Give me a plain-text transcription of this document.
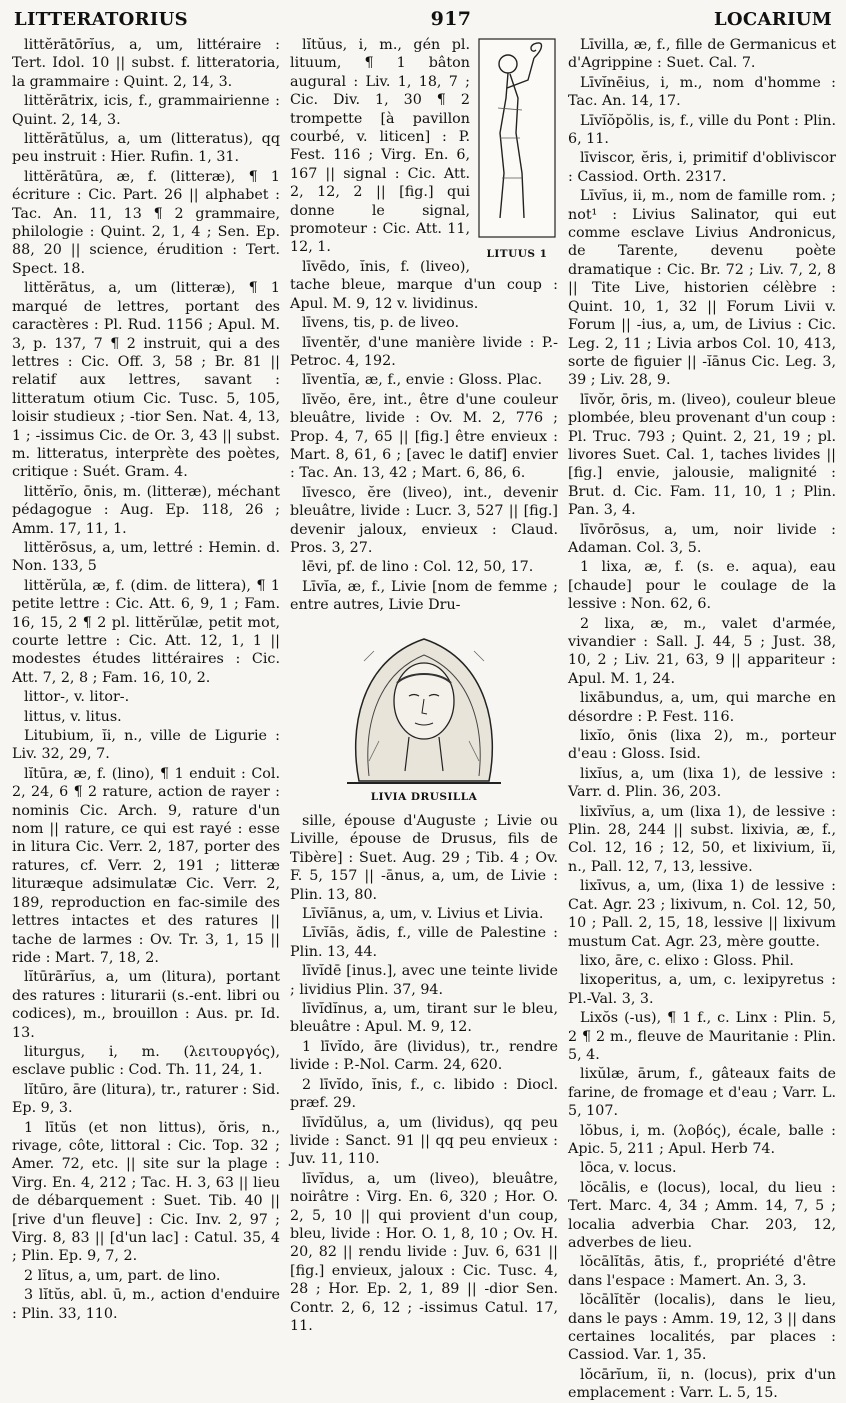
LITTERATORIUS	917	LOCARIUM

littĕrātōrĭus, a, um, littéraire : Tert. Idol. 10 || subst. f. litteratoria, la grammaire : Quint. 2, 14, 3.

littĕrātrix, icis, f., grammairienne : Quint. 2, 14, 3.

littĕrātŭlus, a, um (litteratus), qq peu instruit : Hier. Rufin. 1, 31.

littĕrātūra, æ, f. (litteræ), ¶ 1 écriture : Cic. Part. 26 || alphabet : Tac. An. 11, 13 ¶ 2 grammaire, philologie : Quint. 2, 1, 4 ; Sen. Ep. 88, 20 || science, érudition : Tert. Spect. 18.

littĕrātus, a, um (litteræ), ¶ 1 marqué de lettres, portant des caractères : Pl. Rud. 1156 ; Apul. M. 3, p. 137, 7 ¶ 2 instruit, qui a des lettres : Cic. Off. 3, 58 ; Br. 81 || relatif aux lettres, savant : litteratum otium Cic. Tusc. 5, 105, loisir studieux ; -tior Sen. Nat. 4, 13, 1 ; -issimus Cic. de Or. 3, 43 || subst. m. litteratus, interprète des poètes, critique : Suét. Gram. 4.

littĕrĭo, ōnis, m. (litteræ), méchant pédagogue : Aug. Ep. 118, 26 ; Amm. 17, 11, 1.

littĕrōsus, a, um, lettré : Hemin. d. Non. 133, 5

littĕrŭla, æ, f. (dim. de littera), ¶ 1 petite lettre : Cic. Att. 6, 9, 1 ; Fam. 16, 15, 2 ¶ 2 pl. littĕrŭlæ, petit mot, courte lettre : Cic. Att. 12, 1, 1 || modestes études littéraires : Cic. Att. 7, 2, 8 ; Fam. 16, 10, 2.

littor-, v. litor-.

littus, v. litus.

Litubium, ĭi, n., ville de Ligurie : Liv. 32, 29, 7.

lĭtūra, æ, f. (lino), ¶ 1 enduit : Col. 2, 24, 6 ¶ 2 rature, action de rayer : nominis Cic. Arch. 9, rature d'un nom || rature, ce qui est rayé : esse in litura Cic. Verr. 2, 187, porter des ratures, cf. Verr. 2, 191 ; litteræ lituræque adsimulatæ Cic. Verr. 2, 189, reproduction en fac-simile des lettres intactes et des ratures || tache de larmes : Ov. Tr. 3, 1, 15 || ride : Mart. 7, 18, 2.

lĭtūrārĭus, a, um (litura), portant des ratures : liturarii (s.-ent. libri ou codices), m., brouillon : Aus. pr. Id. 13.

liturgus, i, m. (λειτουργός), esclave public : Cod. Th. 11, 24, 1.

lĭtūro, āre (litura), tr., raturer : Sid. Ep. 9, 3.

1 lītŭs (et non littus), ŏris, n., rivage, côte, littoral : Cic. Top. 32 ; Amer. 72, etc. || site sur la plage : Virg. En. 4, 212 ; Tac. H. 3, 63 || lieu de débarquement : Suet. Tib. 40 || [rive d'un fleuve] : Cic. Inv. 2, 97 ; Virg. 8, 83 || [d'un lac] : Catul. 35, 4 ; Plin. Ep. 9, 7, 2.

2 lĭtus, a, um, part. de lino.

3 lĭtŭs, abl. ū, m., action d'enduire : Plin. 33, 110.

LITUUS 1

lĭtŭus, i, m., gén pl. lituum, ¶ 1 bâton augural : Liv. 1, 18, 7 ; Cic. Div. 1, 30 ¶ 2 trompette [à pavillon courbé, v. liticen] : P. Fest. 116 ; Virg. En. 6, 167 || signal : Cic. Att. 2, 12, 2 || [fig.] qui donne le signal, promoteur : Cic. Att. 11, 12, 1.

līvēdo, ĭnis, f. (liveo), tache bleue, marque d'un coup : Apul. M. 9, 12 v. lividinus.

līvens, tis, p. de liveo.

līventĕr, d'une manière livide : P.-Petroc. 4, 192.

līventĭa, æ, f., envie : Gloss. Plac.

līvĕo, ēre, int., être d'une couleur bleuâtre, livide : Ov. M. 2, 776 ; Prop. 4, 7, 65 || [fig.] être envieux : Mart. 8, 61, 6 ; [avec le datif] envier : Tac. An. 13, 42 ; Mart. 6, 86, 6.

līvesco, ĕre (liveo), int., devenir bleuâtre, livide : Lucr. 3, 527 || [fig.] devenir jaloux, envieux : Claud. Pros. 3, 27.

lēvi, pf. de lino : Col. 12, 50, 17.

Līvĭa, æ, f., Livie [nom de femme ; entre autres, Livie Dru-

LIVIA DRUSILLA

sille, épouse d'Auguste ; Livie ou Liville, épouse de Drusus, fils de Tibère] : Suet. Aug. 29 ; Tib. 4 ; Ov. F. 5, 157 || -ānus, a, um, de Livie : Plin. 13, 80.

Līvĭānus, a, um, v. Livius et Livia.

Līvĭās, ădis, f., ville de Palestine : Plin. 13, 44.

līvĭdē [inus.], avec une teinte livide ; lividius Plin. 37, 94.

līvĭdĭnus, a, um, tirant sur le bleu, bleuâtre : Apul. M. 9, 12.

1 līvĭdo, āre (lividus), tr., rendre livide : P.-Nol. Carm. 24, 620.

2 līvĭdo, ĭnis, f., c. libido : Diocl. præf. 29.

līvĭdŭlus, a, um (lividus), qq peu livide : Sanct. 91 || qq peu envieux : Juv. 11, 110.

līvĭdus, a, um (liveo), bleuâtre, noirâtre : Virg. En. 6, 320 ; Hor. O. 2, 5, 10 || qui provient d'un coup, bleu, livide : Hor. O. 1, 8, 10 ; Ov. H. 20, 82 || rendu livide : Juv. 6, 631 || [fig.] envieux, jaloux : Cic. Tusc. 4, 28 ; Hor. Ep. 2, 1, 89 || -dior Sen. Contr. 2, 6, 12 ; -issimus Catul. 17, 11.

Līvilla, æ, f., fille de Germanicus et d'Agrippine : Suet. Cal. 7.

Līvĭnēius, i, m., nom d'homme : Tac. An. 14, 17.

Līvĭŏpŏlis, is, f., ville du Pont : Plin. 6, 11.

līviscor, ĕris, i, primitif d'obliviscor : Cassiod. Orth. 2317.

Līvĭus, ii, m., nom de famille rom. ; not¹ : Livius Salinator, qui eut comme esclave Livius Andronicus, de Tarente, devenu poète dramatique : Cic. Br. 72 ; Liv. 7, 2, 8 || Tite Live, historien célèbre : Quint. 10, 1, 32 || Forum Livii v. Forum || -ius, a, um, de Livius : Cic. Leg. 2, 11 ; Livia arbos Col. 10, 413, sorte de figuier || -ĭānus Cic. Leg. 3, 39 ; Liv. 28, 9.

līvŏr, ōris, m. (liveo), couleur bleue plombée, bleu provenant d'un coup : Pl. Truc. 793 ; Quint. 2, 21, 19 ; pl. livores Suet. Cal. 1, taches livides || [fig.] envie, jalousie, malignité : Brut. d. Cic. Fam. 11, 10, 1 ; Plin. Pan. 3, 4.

līvōrōsus, a, um, noir livide : Adaman. Col. 3, 5.

1 lixa, æ, f. (s. e. aqua), eau [chaude] pour le coulage de la lessive : Non. 62, 6.

2 lixa, æ, m., valet d'armée, vivandier : Sall. J. 44, 5 ; Just. 38, 10, 2 ; Liv. 21, 63, 9 || appariteur : Apul. M. 1, 24.

lixābundus, a, um, qui marche en désordre : P. Fest. 116.

lixĭo, ōnis (lixa 2), m., porteur d'eau : Gloss. Isid.

lixĭus, a, um (lixa 1), de lessive : Varr. d. Plin. 36, 203.

lixīvĭus, a, um (lixa 1), de lessive : Plin. 28, 244 || subst. lixivia, æ, f., Col. 12, 16 ; 12, 50, et lixivium, ĭi, n., Pall. 12, 7, 13, lessive.

lixīvus, a, um, (lixa 1) de lessive : Cat. Agr. 23 ; lixivum, n. Col. 12, 50, 10 ; Pall. 2, 15, 18, lessive || lixivum mustum Cat. Agr. 23, mère goutte.

lixo, āre, c. elixo : Gloss. Phil.

lixoperitus, a, um, c. lexipyretus : Pl.-Val. 3, 3.

Lixŏs (-us), ¶ 1 f., c. Linx : Plin. 5, 2 ¶ 2 m., fleuve de Mauritanie : Plin. 5, 4.

lixŭlæ, ārum, f., gâteaux faits de farine, de fromage et d'eau ; Varr. L. 5, 107.

lŏbus, i, m. (λοβός), écale, balle : Apic. 5, 211 ; Apul. Herb 74.

lōca, v. locus.

lŏcālis, e (locus), local, du lieu : Tert. Marc. 4, 34 ; Amm. 14, 7, 5 ; localia adverbia Char. 203, 12, adverbes de lieu.

lŏcālĭtās, ātis, f., propriété d'être dans l'espace : Mamert. An. 3, 3.

lŏcālĭtĕr (localis), dans le lieu, dans le pays : Amm. 19, 12, 3 || dans certaines localités, par places : Cassiod. Var. 1, 35.

lŏcārĭum, ĭi, n. (locus), prix d'un emplacement : Varr. L. 5, 15.
